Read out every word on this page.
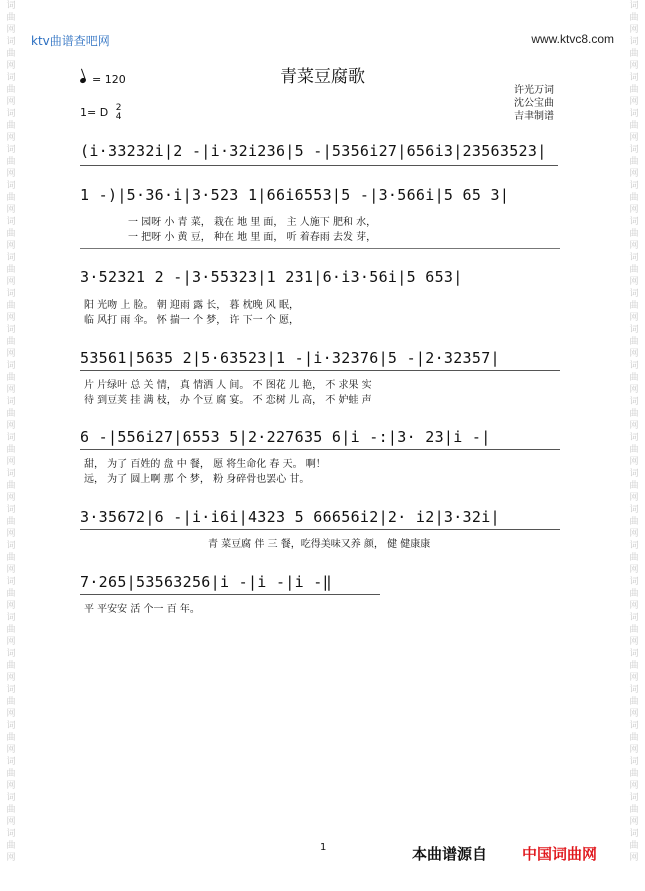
词
曲
网
词
曲
网
词
曲
网
词
曲
网
词
曲
网
词
曲
网
词
曲
网
词
曲
网
词
曲
网
词
曲
网
词
曲
网
词
曲
网
词
曲
网
词
曲
网
词
曲
网
词
曲
网
词
曲
网
词
曲
网
词
曲
网
词
曲
网
词
曲
网
词
曲
网
词
曲
网
词
曲
网
词
曲
网
词
曲
网
词
曲
网
词
曲
网
词
曲
网
词
曲
网
词
曲
网
词
曲
网
词
曲
网
词
曲
网
词
曲
网
词
曲
网
词
曲
网
词
曲
网
词
曲
网
词
曲
网
词
曲
网
词
曲
网
词
曲
网
词
曲
网
词
曲
网
词
曲
网
词
曲
网
词
曲
网
ktv曲谱查吧网	www.ktvc8.com
青菜豆腐歌
= 120
1= D 2
4
许光万词
沈公宝曲
吉聿制谱
(i·33232i|2 -|i·32i236|5 -|5356i27|656i3|23563523|
1 -)|5·36·i|3·523 1|66i6553|5 -|3·566i|5 65 3|
一 园呀 小 青 菜， 栽在 地 里 面， 主 人施下 肥和 水，
一 把呀 小 黄 豆， 种在 地 里 面， 听 着春雨 去发 芽，
3·52321 2 -|3·55323|1 231|6·i3·56i|5 653|
阳 光吻 上 脸。 朝 迎雨 露 长， 暮 枕晚 风 眠，
临 风打 雨 伞。 怀 揣一 个 梦， 许 下一 个 愿，
53561|5635 2|5·63523|1 -|i·32376|5 -|2·32357|
片 片绿叶 总 关 情， 真 情洒 人 间。 不 图花 儿 艳， 不 求果 实
待 到豆荚 挂 满 枝， 办 个豆 腐 宴。 不 恋树 儿 高， 不 妒蛙 声
6 -|556i27|6553 5|2·227635 6|i -:|3· 23|i -|
甜， 为了 百姓的 盘 中 餐， 愿 将生命化 春 天。 啊！
远， 为了 圆上啊 那 个 梦， 粉 身碎骨也罢心 甘。
3·35672|6 -|i·i6i|4323 5 66656i2|2· i2|3·32i|
青 菜豆腐 伴 三 餐，吃得美味又养 颜， 健 健康康
7·265|53563256|i -|i -|i -‖
平 平安安 活 个一 百 年。
1	本曲谱源自 中国词曲网
